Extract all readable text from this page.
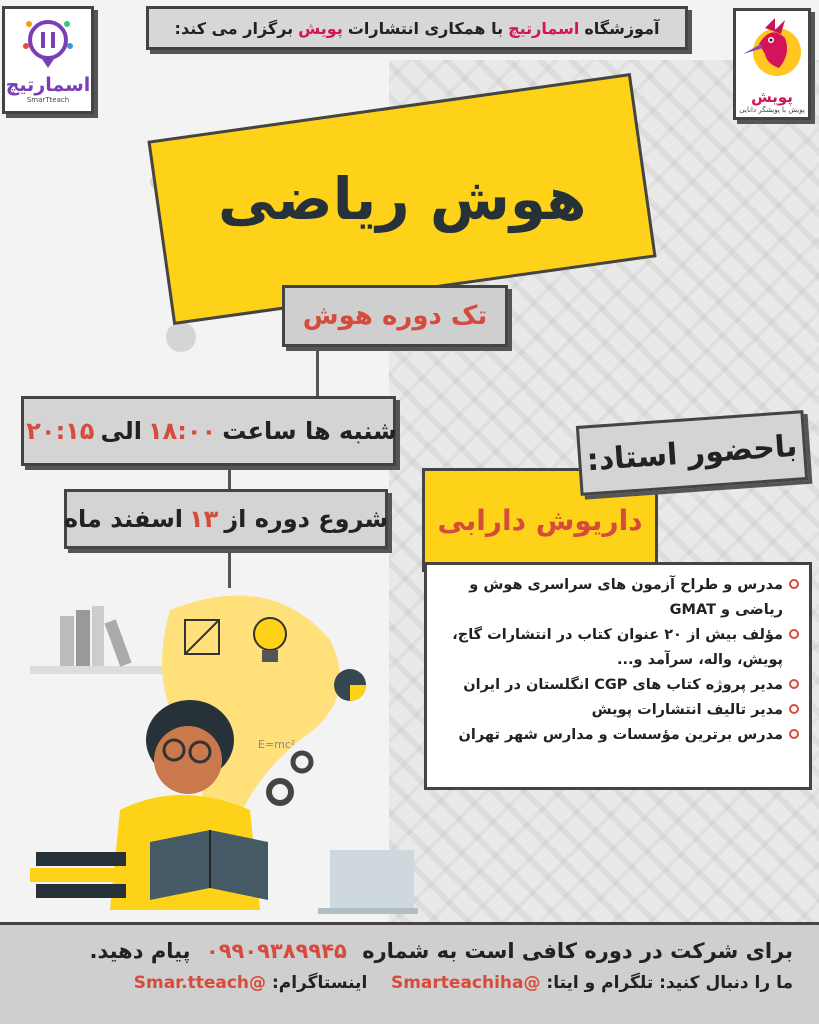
اسمارتیچ
SmarTteach
آموزشگاه
اسمارتیچ
با همکاری انتشارات
پویش
برگزار می کند:
پویش
پویش با پویشگر دانایی
هوش ریاضی
تک دوره هوش
شنبه ها ساعت
۱۸:۰۰
الی
۲۰:۱۵
شروع دوره از
۱۳
اسفند ماه	داریوش دارابی
باحضور استاد:
مدرس و طراح آزمون های سراسری هوش و ریاضی و GMAT
مؤلف بیش از ۲۰ عنوان کتاب در انتشارات گاج، پویش، واله، سرآمد و...
مدیر پروژه کتاب های CGP انگلستان در ایران
مدیر تالیف انتشارات پویش
مدرس برترین مؤسسات و مدارس شهر تهران
E=mc²
برای شرکت در دوره کافی است به شماره ۰۹۹۰۹۳۸۹۹۴۵ پیام دهید.
ما را دنبال کنید: تلگرام و ایتا: @Smarteachiha    اینستاگرام: @Smar.tteach
